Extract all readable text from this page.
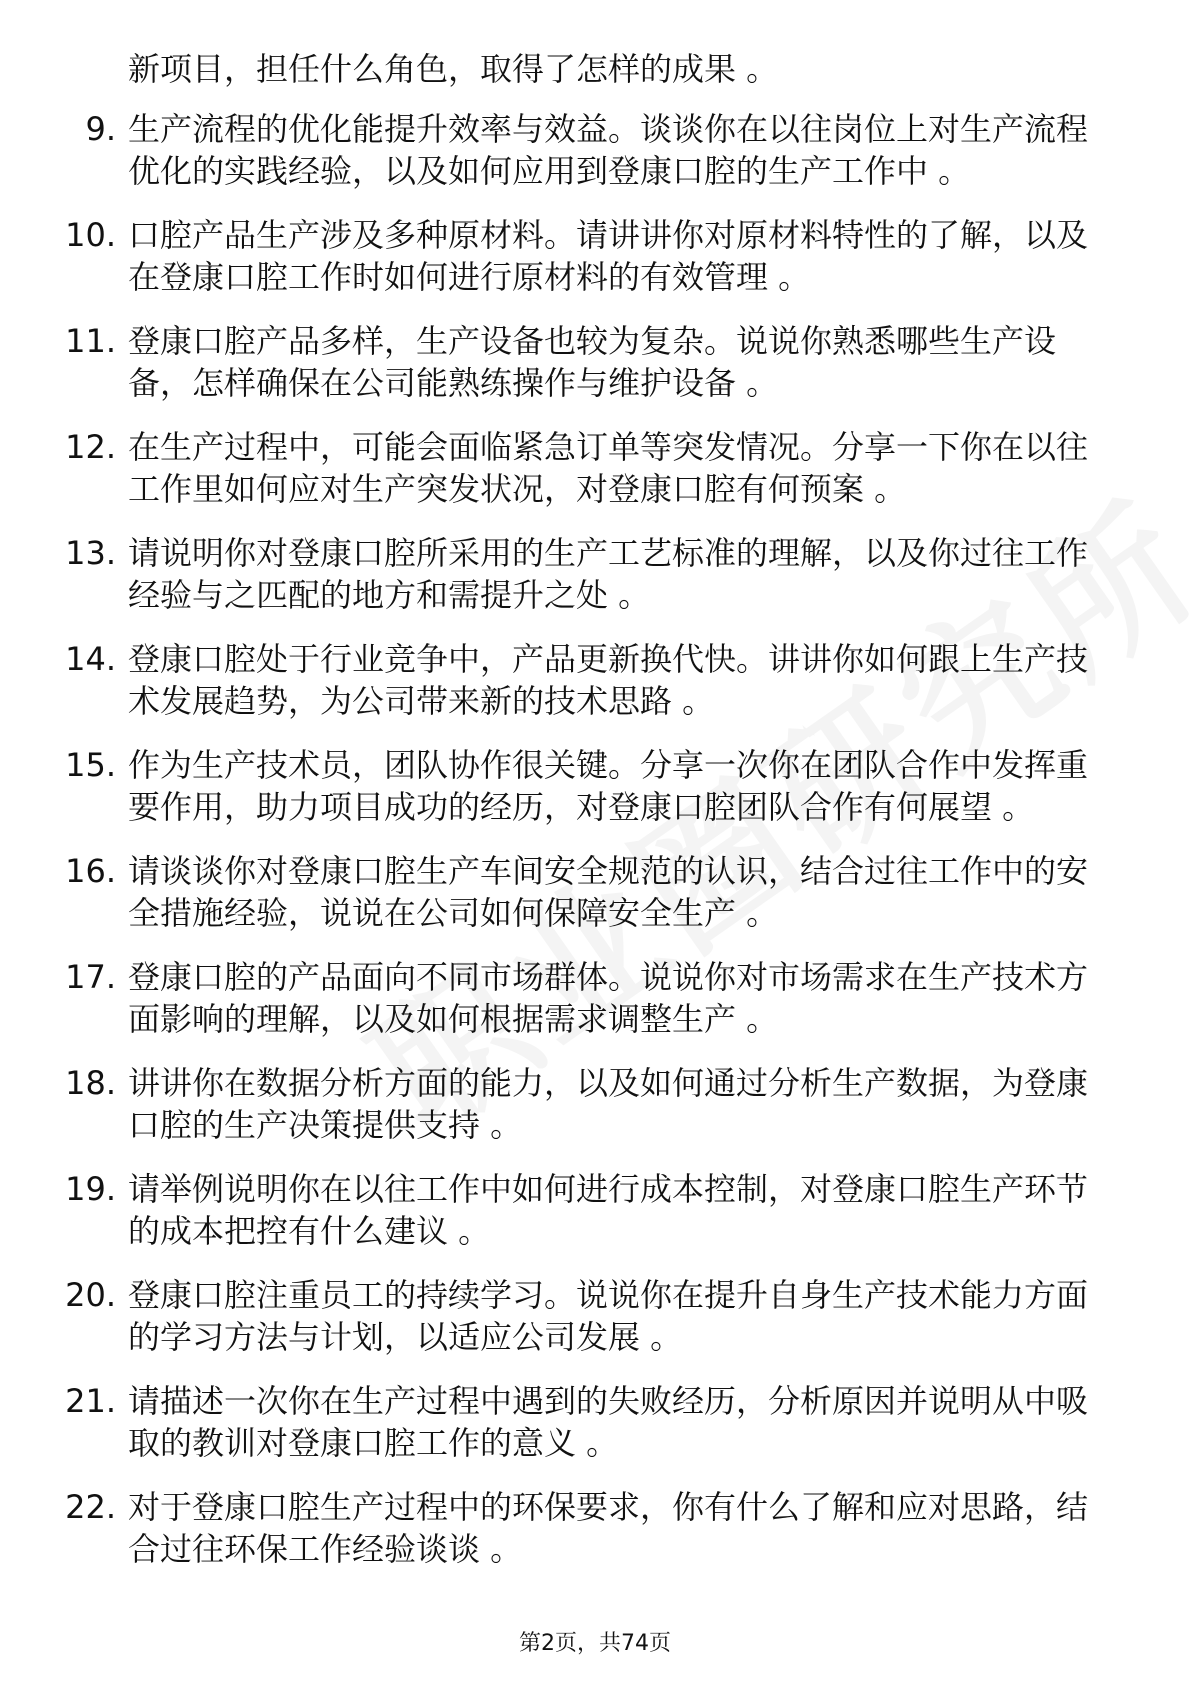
新项目，担任什么角色，取得了怎样的成果 。
9. 生产流程的优化能提升效率与效益。谈谈你在以往岗位上对生产流程优化的实践经验，以及如何应用到登康口腔的生产工作中 。
10. 口腔产品生产涉及多种原材料。请讲讲你对原材料特性的了解，以及在登康口腔工作时如何进行原材料的有效管理 。
11. 登康口腔产品多样，生产设备也较为复杂。说说你熟悉哪些生产设备，怎样确保在公司能熟练操作与维护设备 。
12. 在生产过程中，可能会面临紧急订单等突发情况。分享一下你在以往工作里如何应对生产突发状况，对登康口腔有何预案 。
13. 请说明你对登康口腔所采用的生产工艺标准的理解，以及你过往工作经验与之匹配的地方和需提升之处 。
14. 登康口腔处于行业竞争中，产品更新换代快。讲讲你如何跟上生产技术发展趋势，为公司带来新的技术思路 。
15. 作为生产技术员，团队协作很关键。分享一次你在团队合作中发挥重要作用，助力项目成功的经历，对登康口腔团队合作有何展望 。
16. 请谈谈你对登康口腔生产车间安全规范的认识，结合过往工作中的安全措施经验，说说在公司如何保障安全生产 。
17. 登康口腔的产品面向不同市场群体。说说你对市场需求在生产技术方面影响的理解，以及如何根据需求调整生产 。
18. 讲讲你在数据分析方面的能力，以及如何通过分析生产数据，为登康口腔的生产决策提供支持 。
19. 请举例说明你在以往工作中如何进行成本控制，对登康口腔生产环节的成本把控有什么建议 。
20. 登康口腔注重员工的持续学习。说说你在提升自身生产技术能力方面的学习方法与计划，以适应公司发展 。
21. 请描述一次你在生产过程中遇到的失败经历，分析原因并说明从中吸取的教训对登康口腔工作的意义 。
22. 对于登康口腔生产过程中的环保要求，你有什么了解和应对思路，结合过往环保工作经验谈谈 。
第2页，共74页
